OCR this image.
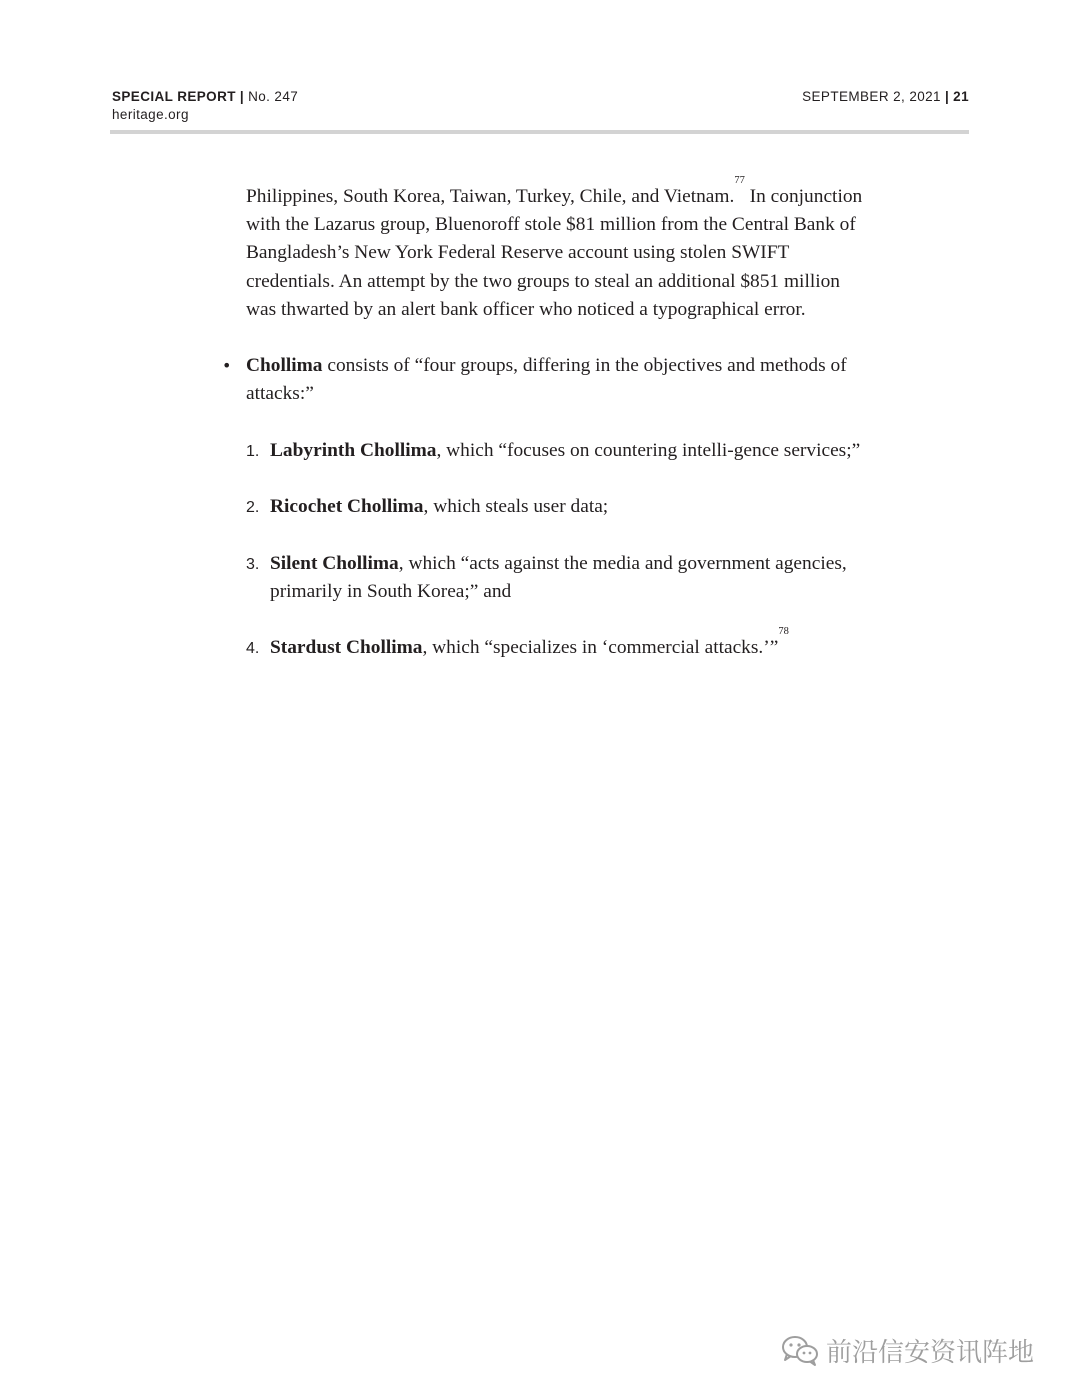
SPECIAL REPORT | No. 247
heritage.org
SEPTEMBER 2, 2021 | 21

Philippines, South Korea, Taiwan, Turkey, Chile, and Vietnam.$^{77}$ In conjunction with the Lazarus group, Bluenoroff stole $81 million from the Central Bank of Bangladesh’s New York Federal Reserve account using stolen SWIFT credentials. An attempt by the two groups to steal an additional $851 million was thwarted by an alert bank officer who noticed a typographical error.

• Chollima consists of “four groups, differing in the objectives and methods of attacks:”
1. Labyrinth Chollima, which “focuses on countering intelli-gence services;”
2. Ricochet Chollima, which steals user data;
3. Silent Chollima, which “acts against the media and government agencies, primarily in South Korea;” and
4. Stardust Chollima, which “specializes in ‘commercial attacks.’”$^{78}$
前沿信安资讯阵地
